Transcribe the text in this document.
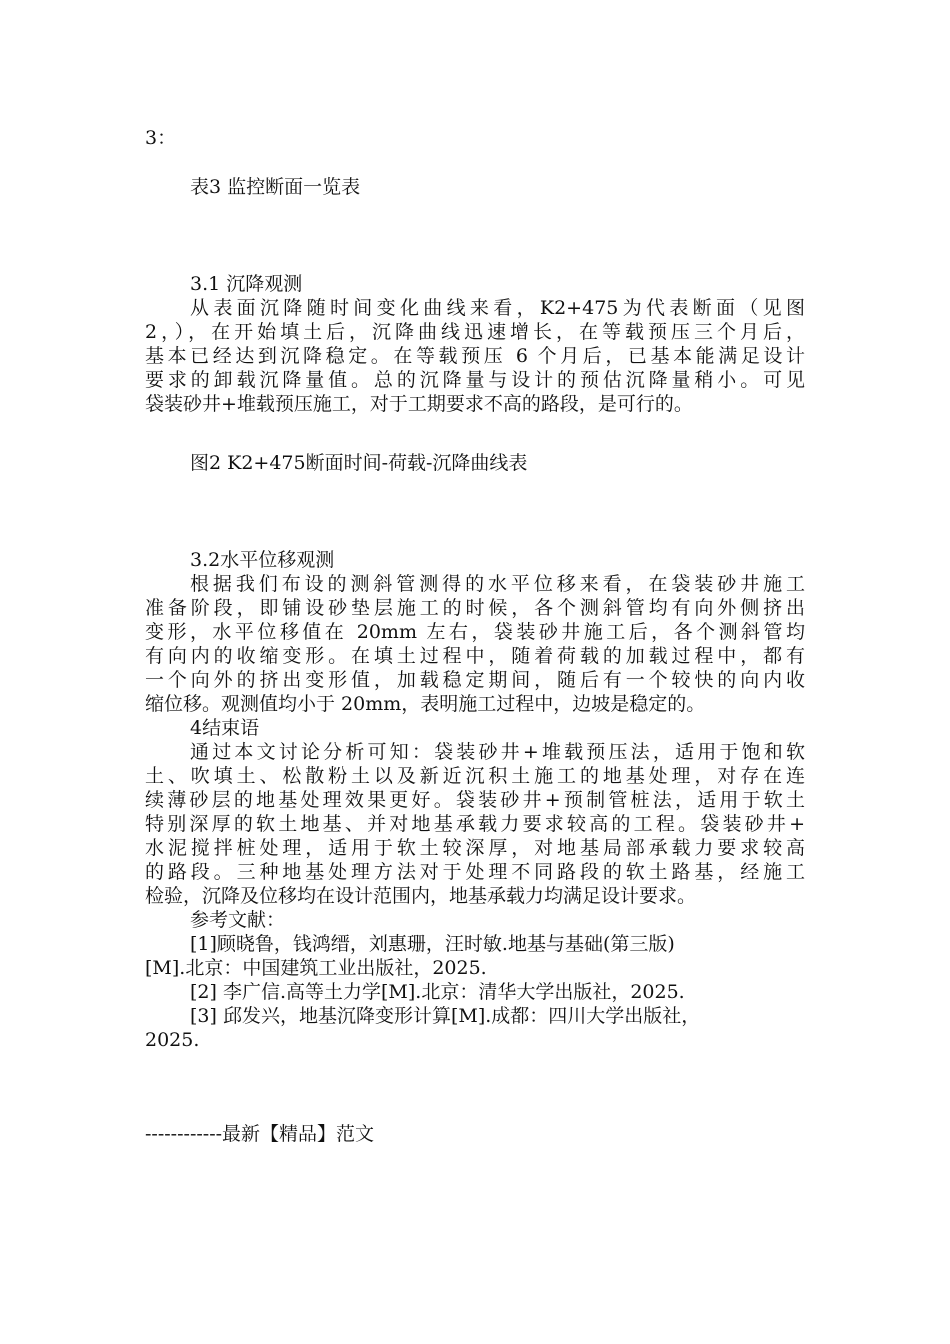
3：
表3 监控断面一览表
3.1 沉降观测
从表面沉降随时间变化曲线来看，K2+475为代表断面（见图
2，），在开始填土后，沉降曲线迅速增长，在等载预压三个月后，
基本已经达到沉降稳定。在等载预压 6 个月后，已基本能满足设计
要求的卸载沉降量值。总的沉降量与设计的预估沉降量稍小。可见
袋装砂井+堆载预压施工，对于工期要求不高的路段，是可行的。
图2 K2+475断面时间-荷载-沉降曲线表
3.2水平位移观测
根据我们布设的测斜管测得的水平位移来看，在袋装砂井施工
准备阶段，即铺设砂垫层施工的时候，各个测斜管均有向外侧挤出
变形，水平位移值在 20mm 左右，袋装砂井施工后，各个测斜管均
有向内的收缩变形。在填土过程中，随着荷载的加载过程中，都有
一个向外的挤出变形值，加载稳定期间，随后有一个较快的向内收
缩位移。观测值均小于 20mm，表明施工过程中，边坡是稳定的。
4结束语
通过本文讨论分析可知：袋装砂井+堆载预压法，适用于饱和软
土、吹填土、松散粉土以及新近沉积土施工的地基处理，对存在连
续薄砂层的地基处理效果更好。袋装砂井+预制管桩法，适用于软土
特别深厚的软土地基、并对地基承载力要求较高的工程。袋装砂井+
水泥搅拌桩处理，适用于软土较深厚，对地基局部承载力要求较高
的路段。三种地基处理方法对于处理不同路段的软土路基，经施工
检验，沉降及位移均在设计范围内，地基承载力均满足设计要求。
参考文献：
[1]顾晓鲁，钱鸿缙，刘惠珊，汪时敏.地基与基础(第三版)
[M].北京：中国建筑工业出版社，2025.
[2] 李广信.高等土力学[M].北京：清华大学出版社，2025.
[3] 邱发兴，地基沉降变形计算[M].成都：四川大学出版社，
2025.
------------最新【精品】范文
